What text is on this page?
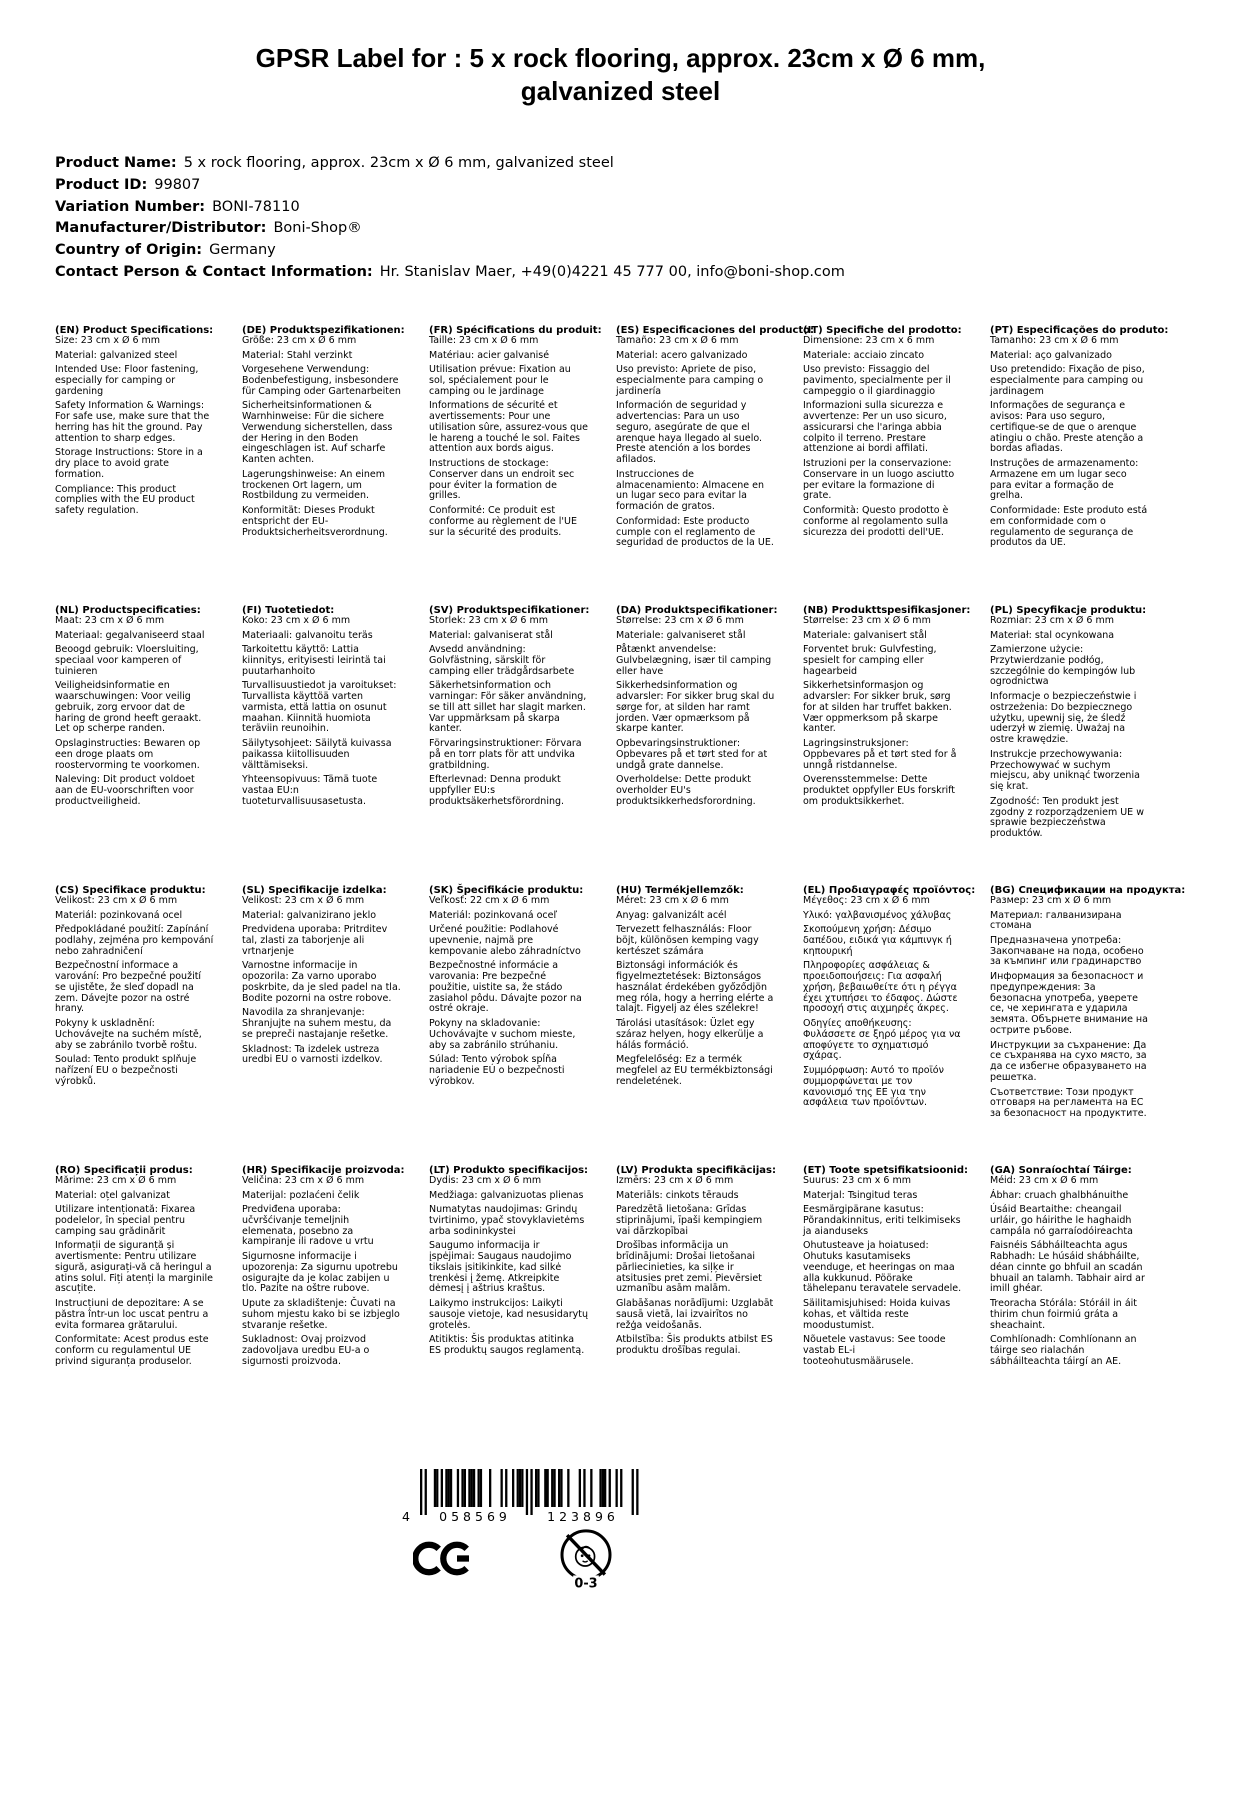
GPSR Label for : 5 x rock flooring, approx. 23cm x Ø 6 mm,
galvanized steel
Product Name: 5 x rock flooring, approx. 23cm x Ø 6 mm, galvanized steel
Product ID: 99807
Variation Number: BONI-78110
Manufacturer/Distributor: Boni-Shop®
Country of Origin: Germany
Contact Person & Contact Information: Hr. Stanislav Maer, +49(0)4221 45 777 00, info@boni-shop.com
(EN) Product Specifications:

Size: 23 cm x Ø 6 mm

Material: galvanized steel

Intended Use: Floor fastening, especially for camping or gardening

Safety Information & Warnings: For safe use, make sure that the herring has hit the ground. Pay attention to sharp edges.

Storage Instructions: Store in a dry place to avoid grate formation.

Compliance: This product complies with the EU product safety regulation.

(DE) Produktspezifikationen:

Größe: 23 cm x Ø 6 mm

Material: Stahl verzinkt

Vorgesehene Verwendung: Bodenbefestigung, insbesondere für Camping oder Gartenarbeiten

Sicherheitsinformationen & Warnhinweise: Für die sichere Verwendung sicherstellen, dass der Hering in den Boden eingeschlagen ist. Auf scharfe Kanten achten.

Lagerungshinweise: An einem trockenen Ort lagern, um Rostbildung zu vermeiden.

Konformität: Dieses Produkt entspricht der EU-Produktsicherheitsverordnung.

(FR) Spécifications du produit:

Taille: 23 cm x Ø 6 mm

Matériau: acier galvanisé

Utilisation prévue: Fixation au sol, spécialement pour le camping ou le jardinage

Informations de sécurité et avertissements: Pour une utilisation sûre, assurez-vous que le hareng a touché le sol. Faites attention aux bords aigus.

Instructions de stockage: Conserver dans un endroit sec pour éviter la formation de grilles.

Conformité: Ce produit est conforme au règlement de l'UE sur la sécurité des produits.

(ES) Especificaciones del producto:

Tamaño: 23 cm x Ø 6 mm

Material: acero galvanizado

Uso previsto: Apriete de piso, especialmente para camping o jardinería

Información de seguridad y advertencias: Para un uso seguro, asegúrate de que el arenque haya llegado al suelo. Preste atención a los bordes afilados.

Instrucciones de almacenamiento: Almacene en un lugar seco para evitar la formación de gratos.

Conformidad: Este producto cumple con el reglamento de seguridad de productos de la UE.

(IT) Specifiche del prodotto:

Dimensione: 23 cm x 6 mm

Materiale: acciaio zincato

Uso previsto: Fissaggio del pavimento, specialmente per il campeggio o il giardinaggio

Informazioni sulla sicurezza e avvertenze: Per un uso sicuro, assicurarsi che l'aringa abbia colpito il terreno. Prestare attenzione ai bordi affilati.

Istruzioni per la conservazione: Conservare in un luogo asciutto per evitare la formazione di grate.

Conformità: Questo prodotto è conforme al regolamento sulla sicurezza dei prodotti dell'UE.

(PT) Especificações do produto:

Tamanho: 23 cm x Ø 6 mm

Material: aço galvanizado

Uso pretendido: Fixação de piso, especialmente para camping ou jardinagem

Informações de segurança e avisos: Para uso seguro, certifique-se de que o arenque atingiu o chão. Preste atenção a bordas afiadas.

Instruções de armazenamento: Armazene em um lugar seco para evitar a formação de grelha.

Conformidade: Este produto está em conformidade com o regulamento de segurança de produtos da UE.

(NL) Productspecificaties:

Maat: 23 cm x Ø 6 mm

Materiaal: gegalvaniseerd staal

Beoogd gebruik: Vloersluiting, speciaal voor kamperen of tuinieren

Veiligheidsinformatie en waarschuwingen: Voor veilig gebruik, zorg ervoor dat de haring de grond heeft geraakt. Let op scherpe randen.

Opslaginstructies: Bewaren op een droge plaats om roostervorming te voorkomen.

Naleving: Dit product voldoet aan de EU-voorschriften voor productveiligheid.

(FI) Tuotetiedot:

Koko: 23 cm x Ø 6 mm

Materiaali: galvanoitu teräs

Tarkoitettu käyttö: Lattia kiinnitys, erityisesti leirintä tai puutarhanhoito

Turvallisuustiedot ja varoitukset: Turvallista käyttöä varten varmista, että lattia on osunut maahan. Kiinnitä huomiota teräviin reunoihin.

Säilytysohjeet: Säilytä kuivassa paikassa kiitollisuuden välttämiseksi.

Yhteensopivuus: Tämä tuote vastaa EU:n tuoteturvallisuusasetusta.

(SV) Produktspecifikationer:

Storlek: 23 cm x Ø 6 mm

Material: galvaniserat stål

Avsedd användning: Golvfästning, särskilt för camping eller trädgårdsarbete

Säkerhetsinformation och varningar: För säker användning, se till att sillet har slagit marken. Var uppmärksam på skarpa kanter.

Förvaringsinstruktioner: Förvara på en torr plats för att undvika gratbildning.

Efterlevnad: Denna produkt uppfyller EU:s produktsäkerhetsförordning.

(DA) Produktspecifikationer:

Størrelse: 23 cm x Ø 6 mm

Materiale: galvaniseret stål

Påtænkt anvendelse: Gulvbelægning, især til camping eller have

Sikkerhedsinformation og advarsler: For sikker brug skal du sørge for, at silden har ramt jorden. Vær opmærksom på skarpe kanter.

Opbevaringsinstruktioner: Opbevares på et tørt sted for at undgå grate dannelse.

Overholdelse: Dette produkt overholder EU's produktsikkerhedsforordning.

(NB) Produkttspesifikasjoner:

Størrelse: 23 cm x Ø 6 mm

Materiale: galvanisert stål

Forventet bruk: Gulvfesting, spesielt for camping eller hagearbeid

Sikkerhetsinformasjon og advarsler: For sikker bruk, sørg for at silden har truffet bakken. Vær oppmerksom på skarpe kanter.

Lagringsinstruksjoner: Oppbevares på et tørt sted for å unngå ristdannelse.

Overensstemmelse: Dette produktet oppfyller EUs forskrift om produktsikkerhet.

(PL) Specyfikacje produktu:

Rozmiar: 23 cm x Ø 6 mm

Materiał: stal ocynkowana

Zamierzone użycie: Przytwierdzanie podłóg, szczególnie do kempingów lub ogrodnictwa

Informacje o bezpieczeństwie i ostrzeżenia: Do bezpiecznego użytku, upewnij się, że śledź uderzył w ziemię. Uważaj na ostre krawędzie.

Instrukcje przechowywania: Przechowywać w suchym miejscu, aby uniknąć tworzenia się krat.

Zgodność: Ten produkt jest zgodny z rozporządzeniem UE w sprawie bezpieczeństwa produktów.

(CS) Specifikace produktu:

Velikost: 23 cm x Ø 6 mm

Materiál: pozinkovaná ocel

Předpokládané použití: Zapínání podlahy, zejména pro kempování nebo zahradničení

Bezpečnostní informace a varování: Pro bezpečné použití se ujistěte, že sleď dopadl na zem. Dávejte pozor na ostré hrany.

Pokyny k uskladnění: Uchovávejte na suchém místě, aby se zabránilo tvorbě roštu.

Soulad: Tento produkt splňuje nařízení EU o bezpečnosti výrobků.

(SL) Specifikacije izdelka:

Velikost: 23 cm x Ø 6 mm

Material: galvanizirano jeklo

Predvidena uporaba: Pritrditev tal, zlasti za taborjenje ali vrtnarjenje

Varnostne informacije in opozorila: Za varno uporabo poskrbite, da je sled padel na tla. Bodite pozorni na ostre robove.

Navodila za shranjevanje: Shranjujte na suhem mestu, da se prepreči nastajanje rešetke.

Skladnost: Ta izdelek ustreza uredbi EU o varnosti izdelkov.

(SK) Špecifikácie produktu:

Veľkosť: 22 cm x Ø 6 mm

Materiál: pozinkovaná oceľ

Určené použitie: Podlahové upevnenie, najmä pre kempovanie alebo záhradníctvo

Bezpečnostné informácie a varovania: Pre bezpečné použitie, uistite sa, že stádo zasiahol pôdu. Dávajte pozor na ostré okraje.

Pokyny na skladovanie: Uchovávajte v suchom mieste, aby sa zabránilo strúhaniu.

Súlad: Tento výrobok spĺňa nariadenie EÚ o bezpečnosti výrobkov.

(HU) Termékjellemzők:

Méret: 23 cm x Ø 6 mm

Anyag: galvanizált acél

Tervezett felhasználás: Floor böjt, különösen kemping vagy kertészet számára

Biztonsági információk és figyelmeztetések: Biztonságos használat érdekében győződjön meg róla, hogy a herring elérte a talajt. Figyelj az éles szélekre!

Tárolási utasítások: Üzlet egy száraz helyen, hogy elkerülje a hálás formáció.

Megfelelőség: Ez a termék megfelel az EU termékbiztonsági rendeletének.

(EL) Προδιαγραφές προϊόντος:

Μέγεθος: 23 cm x Ø 6 mm

Υλικό: γαλβανισμένος χάλυβας

Σκοπούμενη χρήση: Δέσιμο δαπέδου, ειδικά για κάμπινγκ ή κηπουρική

Πληροφορίες ασφάλειας & προειδοποιήσεις: Για ασφαλή χρήση, βεβαιωθείτε ότι η ρέγγα έχει χτυπήσει το έδαφος. Δώστε προσοχή στις αιχμηρές άκρες.

Οδηγίες αποθήκευσης: Φυλάσσετε σε ξηρό μέρος για να αποφύγετε το σχηματισμό σχάρας.

Συμμόρφωση: Αυτό το προϊόν συμμορφώνεται με τον κανονισμό της ΕΕ για την ασφάλεια των προϊόντων.

(BG) Спецификации на продукта:

Размер: 23 cm x Ø 6 mm

Материал: галванизирана стомана

Предназначена употреба: Закопчаване на пода, особено за къмпинг или градинарство

Информация за безопасност и предупреждения: За безопасна употреба, уверете се, че херингата е ударила земята. Обърнете внимание на острите ръбове.

Инструкции за съхранение: Да се съхранява на сухо място, за да се избегне образуването на решетка.

Съответствие: Този продукт отговаря на регламента на ЕС за безопасност на продуктите.

(RO) Specificații produs:

Mărime: 23 cm x Ø 6 mm

Material: oțel galvanizat

Utilizare intenționată: Fixarea podelelor, în special pentru camping sau grădinărit

Informații de siguranță și avertismente: Pentru utilizare sigură, asigurați-vă că heringul a atins solul. Fiți atenți la marginile ascuțite.

Instrucțiuni de depozitare: A se păstra într-un loc uscat pentru a evita formarea grătarului.

Conformitate: Acest produs este conform cu regulamentul UE privind siguranța produselor.

(HR) Specifikacije proizvoda:

Veličina: 23 cm x Ø 6 mm

Materijal: pozlaćeni čelik

Predviđena uporaba: učvršćivanje temeljnih elemenata, posebno za kampiranje ili radove u vrtu

Sigurnosne informacije i upozorenja: Za sigurnu upotrebu osigurajte da je kolac zabijen u tlo. Pazite na oštre rubove.

Upute za skladištenje: Čuvati na suhom mjestu kako bi se izbjeglo stvaranje rešetke.

Sukladnost: Ovaj proizvod zadovoljava uredbu EU-a o sigurnosti proizvoda.

(LT) Produkto specifikacijos:

Dydis: 23 cm x Ø 6 mm

Medžiaga: galvanizuotas plienas

Numatytas naudojimas: Grindų tvirtinimo, ypač stovyklavietėms arba sodininkystei

Saugumo informacija ir įspėjimai: Saugaus naudojimo tikslais įsitikinkite, kad silkė trenkėsi į žemę. Atkreipkite dėmesį į aštrius kraštus.

Laikymo instrukcijos: Laikyti sausoje vietoje, kad nesusidarytų grotelės.

Atitiktis: Šis produktas atitinka ES produktų saugos reglamentą.

(LV) Produkta specifikācijas:

Izmērs: 23 cm x Ø 6 mm

Materiāls: cinkots tērauds

Paredzētā lietošana: Grīdas stiprinājumi, īpaši kempingiem vai dārzkopībai

Drošības informācija un brīdinājumi: Drošai lietošanai pārliecinieties, ka siļķe ir atsitusies pret zemi. Pievērsiet uzmanību asām malām.

Glabāšanas norādījumi: Uzglabāt sausā vietā, lai izvairītos no režģa veidošanās.

Atbilstība: Šis produkts atbilst ES produktu drošības regulai.

(ET) Toote spetsifikatsioonid:

Suurus: 23 cm x 6 mm

Materjal: Tsingitud teras

Eesmärgipärane kasutus: Põrandakinnitus, eriti telkimiseks ja aianduseks

Ohutusteave ja hoiatused: Ohutuks kasutamiseks veenduge, et heeringas on maa alla kukkunud. Pöörake tähelepanu teravatele servadele.

Säilitamisjuhised: Hoida kuivas kohas, et vältida reste moodustumist.

Nõuetele vastavus: See toode vastab EL-i tooteohutusmäärusele.

(GA) Sonraíochtaí Táirge:

Méid: 23 cm x Ø 6 mm

Ábhar: cruach ghalbhánuithe

Úsáid Beartaithe: cheangail urláir, go háirithe le haghaidh campála nó garraíodóireachta

Faisnéis Sábháilteachta agus Rabhadh: Le húsáid shábháilte, déan cinnte go bhfuil an scadán bhuail an talamh. Tabhair aird ar imill ghéar.

Treoracha Stórála: Stóráil in áit thirim chun foirmiú gráta a sheachaint.

Comhlíonadh: Comhlíonann an táirge seo rialachán sábháilteachta táirgí an AE.

4	058569	123896
0-3
